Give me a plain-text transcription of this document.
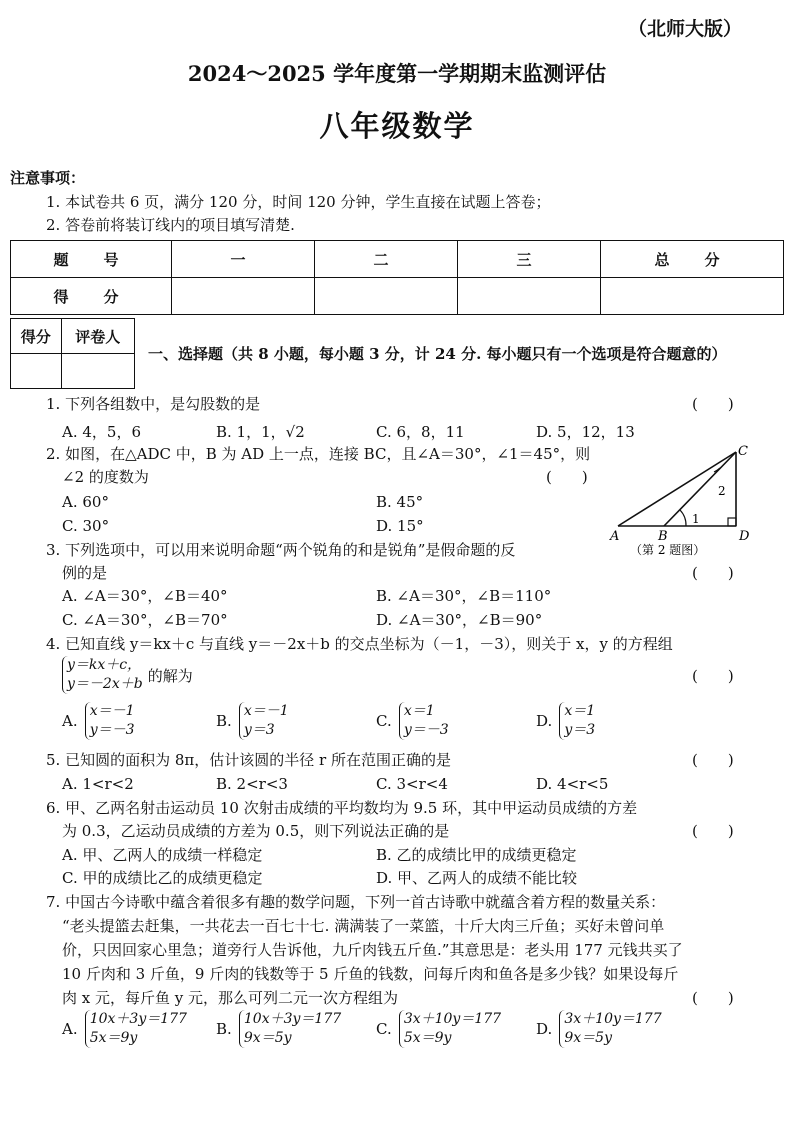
（北师大版）
2024～2025 学年度第一学期期末监测评估
八年级数学
注意事项：
1. 本试卷共 6 页，满分 120 分，时间 120 分钟，学生直接在试题上答卷；
2. 答卷前将装订线内的项目填写清楚.
题　号	一	二	三	总　分
得　分				
得分	评卷人

一、选择题（共 8 小题，每小题 3 分，计 24 分. 每小题只有一个选项是符合题意的）
1. 下列各组数中，是勾股数的是	(　　)
A. 4，5，6	B. 1，1，√2	C. 6，8，11	D. 5，12，13
2. 如图，在△ADC 中，B 为 AD 上一点，连接 BC，且∠A＝30°，∠1＝45°，则
∠2 的度数为	(　　)
A. 60°	B. 45°
C. 30°	D. 15°
A	B	D
C
1
2
（第 2 题图）
3. 下列选项中，可以用来说明命题“两个锐角的和是锐角”是假命题的反
例的是	(　　)
A. ∠A＝30°，∠B＝40°	B. ∠A＝30°，∠B＝110°
C. ∠A＝30°，∠B＝70°	D. ∠A＝30°，∠B＝90°
4. 已知直线 y＝kx＋c 与直线 y＝－2x＋b 的交点坐标为（－1，－3），则关于 x，y 的方程组
y＝kx＋c，
y＝－2x＋b 的解为	(　　)
A. x＝－1
y＝－3	B. x＝－1
y＝3	C. x＝1
y＝－3	D. x＝1
y＝3
5. 已知圆的面积为 8π，估计该圆的半径 r 所在范围正确的是	(　　)
A. 1<r<2	B. 2<r<3	C. 3<r<4	D. 4<r<5
6. 甲、乙两名射击运动员 10 次射击成绩的平均数均为 9.5 环，其中甲运动员成绩的方差
为 0.3，乙运动员成绩的方差为 0.5，则下列说法正确的是	(　　)
A. 甲、乙两人的成绩一样稳定	B. 乙的成绩比甲的成绩更稳定
C. 甲的成绩比乙的成绩更稳定	D. 甲、乙两人的成绩不能比较
7. 中国古今诗歌中蕴含着很多有趣的数学问题，下列一首古诗歌中就蕴含着方程的数量关系：
“老头提篮去赶集，一共花去一百七十七. 满满装了一菜篮，十斤大肉三斤鱼；买好未曾问单
价，只因回家心里急；道旁行人告诉他，九斤肉钱五斤鱼.”其意思是：老头用 177 元钱共买了
10 斤肉和 3 斤鱼，9 斤肉的钱数等于 5 斤鱼的钱数，问每斤肉和鱼各是多少钱？如果设每斤
肉 x 元，每斤鱼 y 元，那么可列二元一次方程组为	(　　)
A. 10x＋3y＝177
5x＝9y	B. 10x＋3y＝177
9x＝5y	C. 3x＋10y＝177
5x＝9y	D. 3x＋10y＝177
9x＝5y
